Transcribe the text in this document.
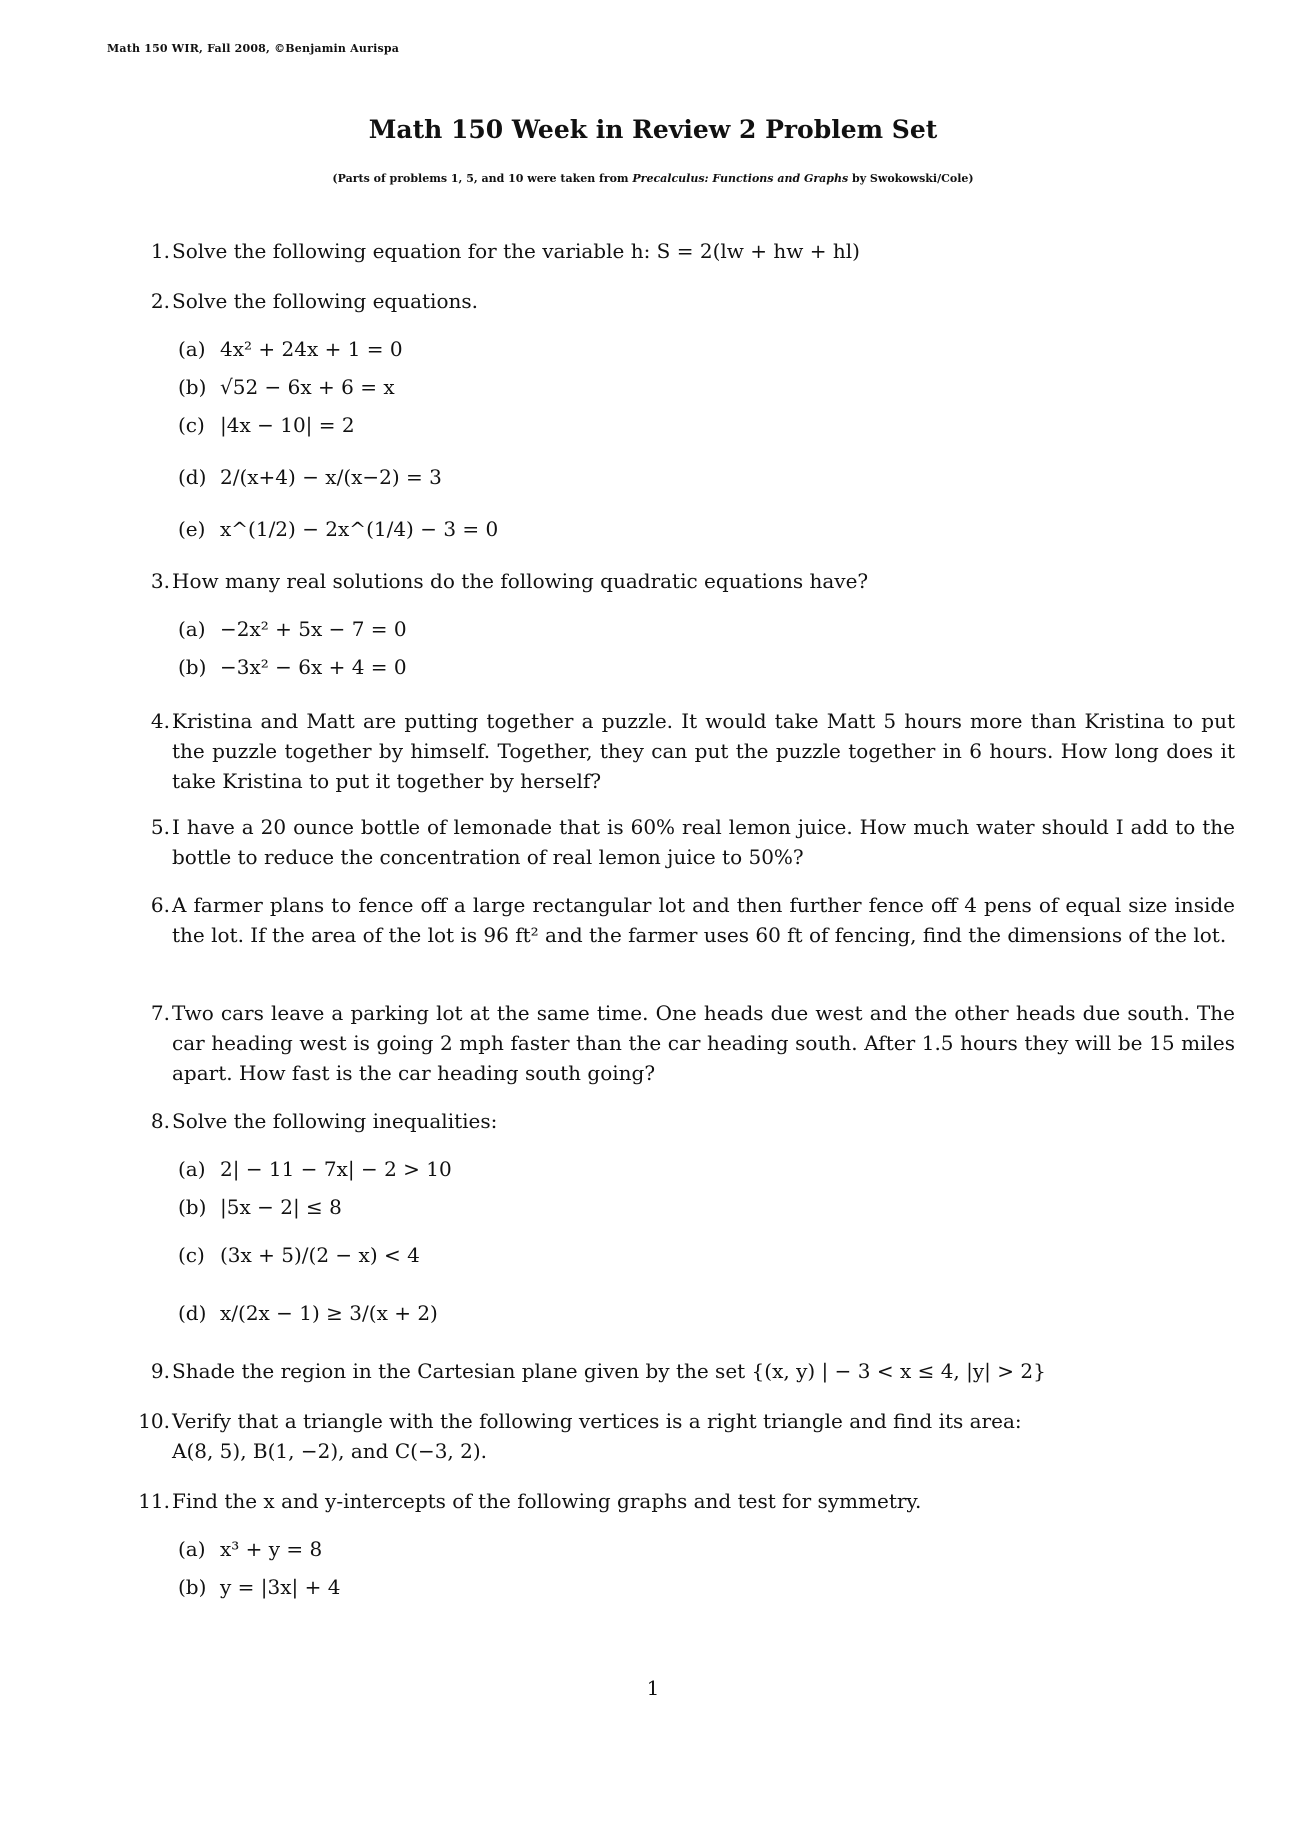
Math 150 WIR, Fall 2008, ©Benjamin Aurispa
Math 150 Week in Review 2 Problem Set
(Parts of problems 1, 5, and 10 were taken from Precalculus: Functions and Graphs by Swokowski/Cole)
1. Solve the following equation for the variable h: S = 2(lw + hw + hl)
2. Solve the following equations.
(a) 4x² + 24x + 1 = 0
(b) √52 − 6x + 6 = x
(c) |4x − 10| = 2
(d) 2/(x+4) − x/(x−2) = 3
(e) x^(1/2) − 2x^(1/4) − 3 = 0
3. How many real solutions do the following quadratic equations have?
(a) −2x² + 5x − 7 = 0
(b) −3x² − 6x + 4 = 0
4. Kristina and Matt are putting together a puzzle. It would take Matt 5 hours more than Kristina to put the puzzle together by himself. Together, they can put the puzzle together in 6 hours. How long does it take Kristina to put it together by herself?
5. I have a 20 ounce bottle of lemonade that is 60% real lemon juice. How much water should I add to the bottle to reduce the concentration of real lemon juice to 50%?
6. A farmer plans to fence off a large rectangular lot and then further fence off 4 pens of equal size inside the lot. If the area of the lot is 96 ft² and the farmer uses 60 ft of fencing, find the dimensions of the lot.
7. Two cars leave a parking lot at the same time. One heads due west and the other heads due south. The car heading west is going 2 mph faster than the car heading south. After 1.5 hours they will be 15 miles apart. How fast is the car heading south going?
8. Solve the following inequalities:
(a) 2| − 11 − 7x| − 2 > 10
(b) |5x − 2| ≤ 8
(c) (3x + 5)/(2 − x) < 4
(d) x/(2x − 1) ≥ 3/(x + 2)
9. Shade the region in the Cartesian plane given by the set {(x, y) | − 3 < x ≤ 4, |y| > 2}
10. Verify that a triangle with the following vertices is a right triangle and find its area:
A(8, 5), B(1, −2), and C(−3, 2).
11. Find the x and y-intercepts of the following graphs and test for symmetry.
(a) x³ + y = 8
(b) y = |3x| + 4
1
